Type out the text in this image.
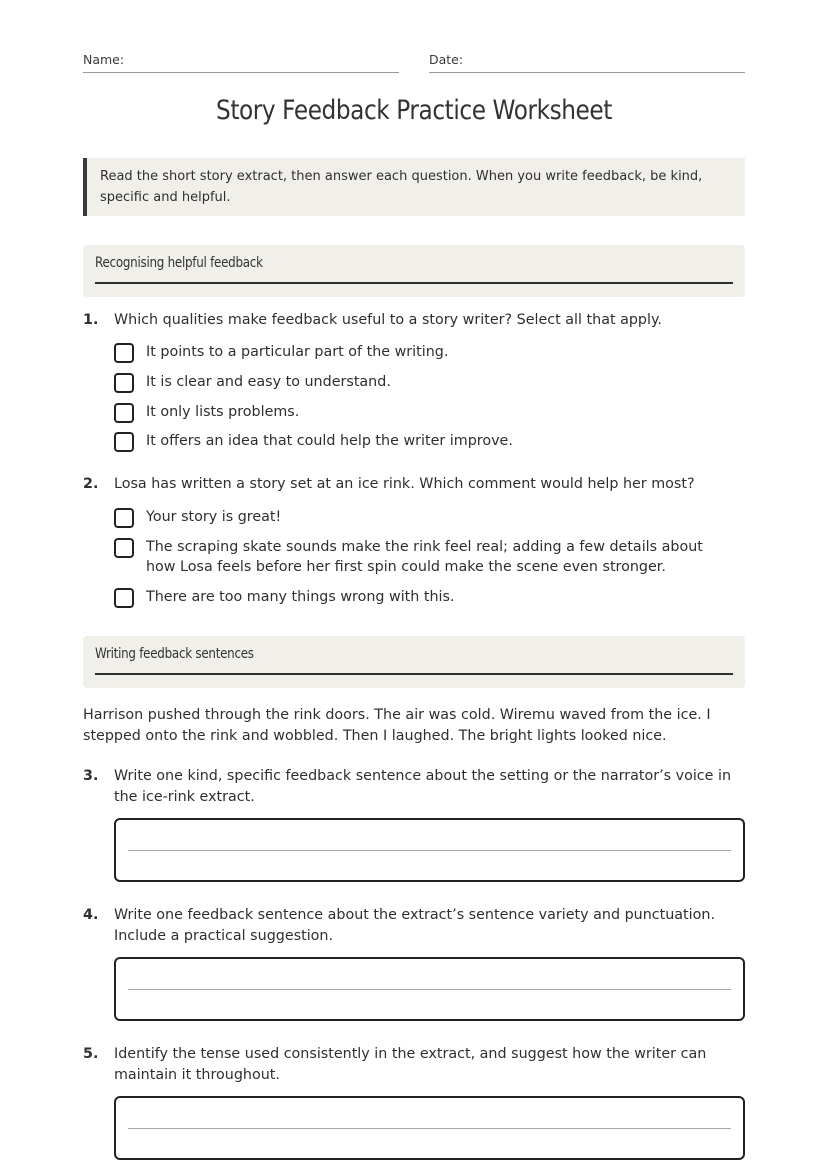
Name:	Date:
Story Feedback Practice Worksheet
Read the short story extract, then answer each question. When you write feedback, be kind, specific and helpful.
Recognising helpful feedback
1. Which qualities make feedback useful to a story writer? Select all that apply.
It points to a particular part of the writing.
It is clear and easy to understand.
It only lists problems.
It offers an idea that could help the writer improve.
2. Losa has written a story set at an ice rink. Which comment would help her most?
Your story is great!
The scraping skate sounds make the rink feel real; adding a few details about how Losa feels before her first spin could make the scene even stronger.
There are too many things wrong with this.
Writing feedback sentences
Harrison pushed through the rink doors. The air was cold. Wiremu waved from the ice. I stepped onto the rink and wobbled. Then I laughed. The bright lights looked nice.
3. Write one kind, specific feedback sentence about the setting or the narrator’s voice in the ice-rink extract.
4. Write one feedback sentence about the extract’s sentence variety and punctuation. Include a practical suggestion.
5. Identify the tense used consistently in the extract, and suggest how the writer can maintain it throughout.
